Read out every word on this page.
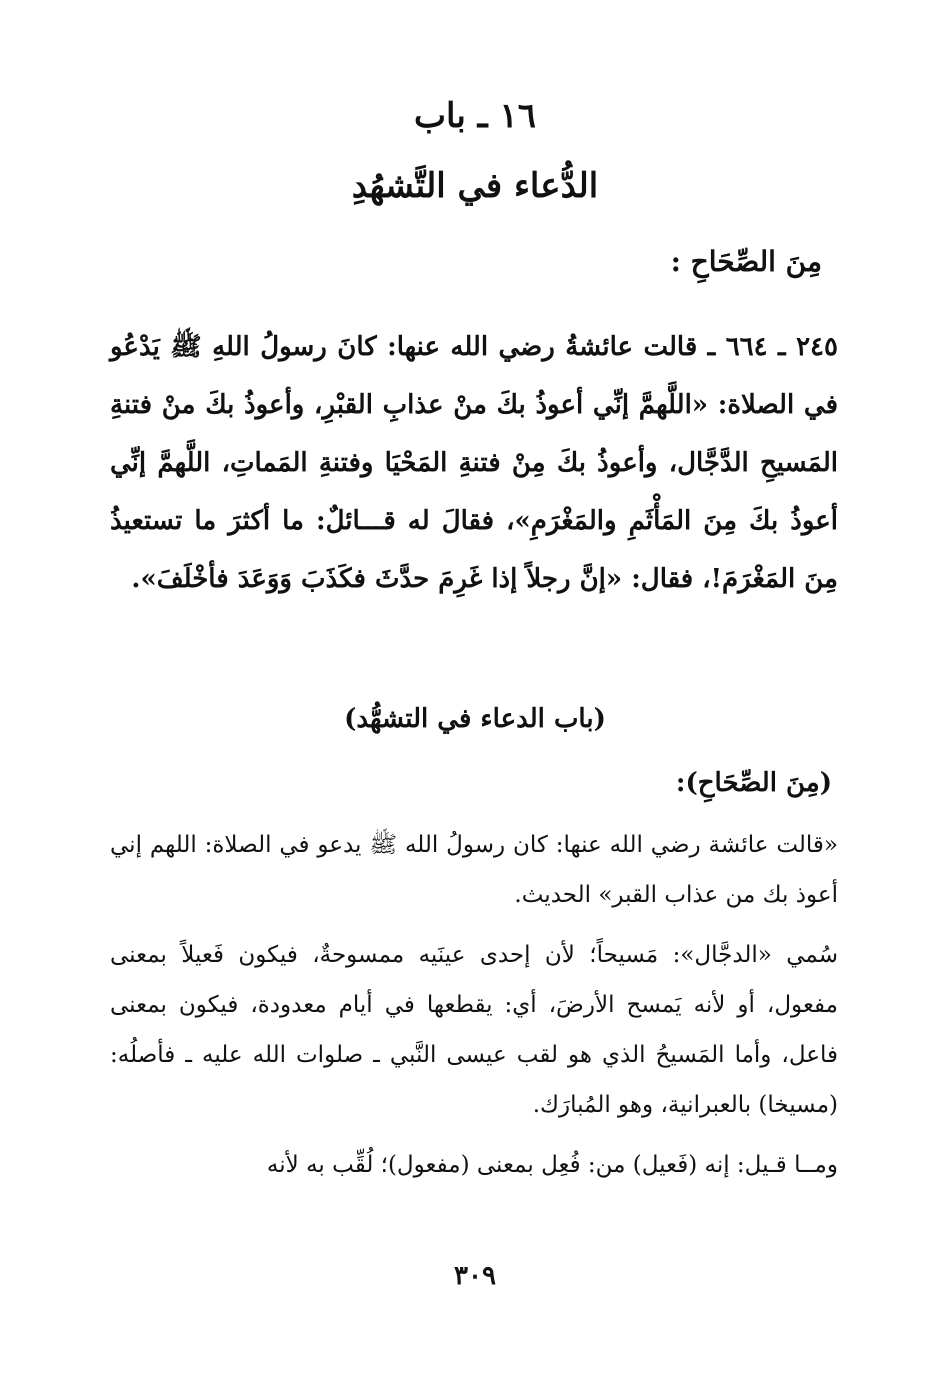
١٦ ـ باب
الدُّعاء في التَّشهُدِ
مِنَ الصِّحَاحِ :
٢٤٥ ـ ٦٦٤ ـ قالت عائشةُ رضي الله عنها: كانَ رسولُ اللهِ ﷺ يَدْعُو في الصلاة: «اللَّهمَّ إنِّي أعوذُ بكَ منْ عذابِ القبْرِ، وأعوذُ بكَ منْ فتنةِ المَسيحِ الدَّجَّال، وأعوذُ بكَ مِنْ فتنةِ المَحْيَا وفتنةِ المَماتِ، اللَّهمَّ إنِّي أعوذُ بكَ مِنَ المَأْثَمِ والمَغْرَمِ»، فقالَ له قـــائلٌ: ما أكثرَ ما تستعيذُ مِنَ المَغْرَمَ!، فقال: «إنَّ رجلاً إذا غَرِمَ حدَّثَ فكَذَبَ وَوَعَدَ فأخْلَفَ».
(باب الدعاء في التشهُّد)
(مِنَ الصِّحَاحِ):

«قالت عائشة رضي الله عنها: كان رسولُ الله ﷺ يدعو في الصلاة: اللهم إني أعوذ بك من عذاب القبر» الحديث.

سُمي «الدجَّال»: مَسيحاً؛ لأن إحدى عينَيه ممسوحةٌ، فيكون فَعيلاً بمعنى مفعول، أو لأنه يَمسح الأرضَ، أي: يقطعها في أيام معدودة، فيكون بمعنى فاعل، وأما المَسيحُ الذي هو لقب عيسى النَّبي ـ صلوات الله عليه ـ فأصلُه: (مسيخا) بالعبرانية، وهو المُبارَك.

ومــا قـيل: إنه (فَعيل) من: فُعِل بمعنى (مفعول)؛ لُقِّب به لأنه

٣٠٩
